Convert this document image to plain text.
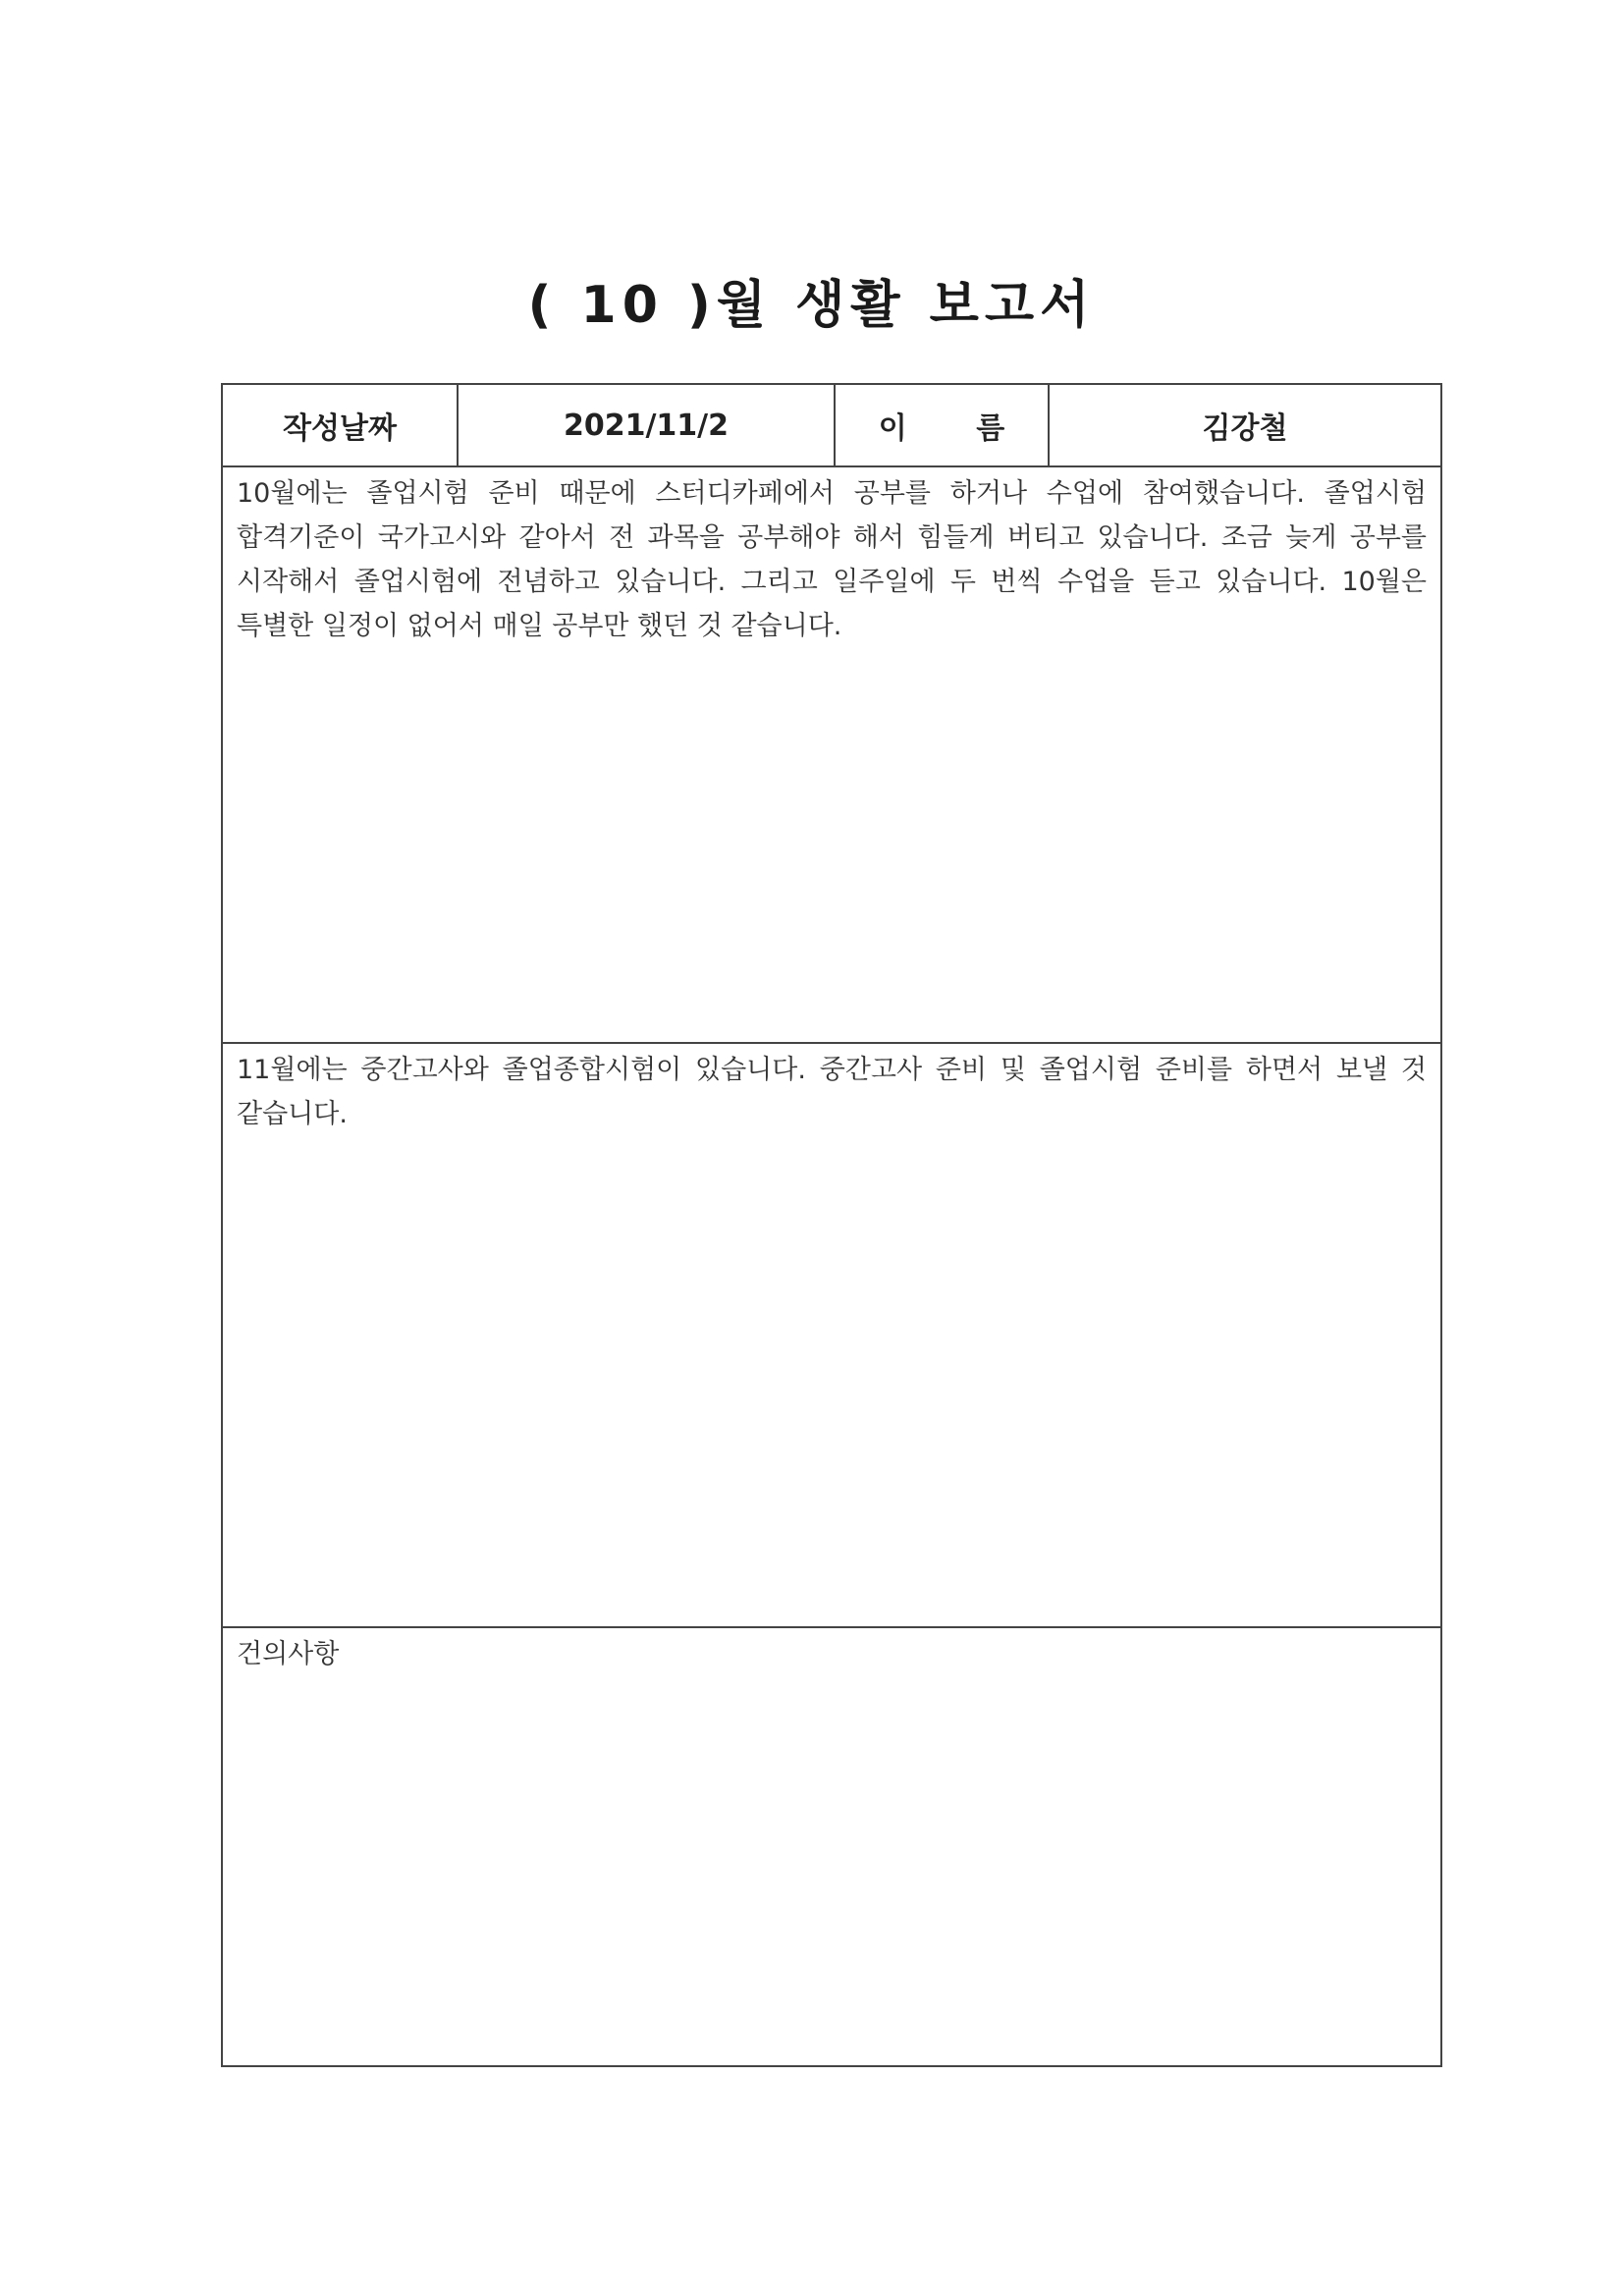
( 10 )월 생활 보고서
작성날짜	2021/11/2	이 름	김강철

10월에는 졸업시험 준비 때문에 스터디카페에서 공부를 하거나 수업에 참여했습니다. 졸업시험 합격기준이 국가고시와 같아서 전 과목을 공부해야 해서 힘들게 버티고 있습니다. 조금 늦게 공부를 시작해서 졸업시험에 전념하고 있습니다. 그리고 일주일에 두 번씩 수업을 듣고 있습니다. 10월은 특별한 일정이 없어서 매일 공부만 했던 것 같습니다.

11월에는 중간고사와 졸업종합시험이 있습니다. 중간고사 준비 및 졸업시험 준비를 하면서 보낼 것 같습니다.

건의사항
